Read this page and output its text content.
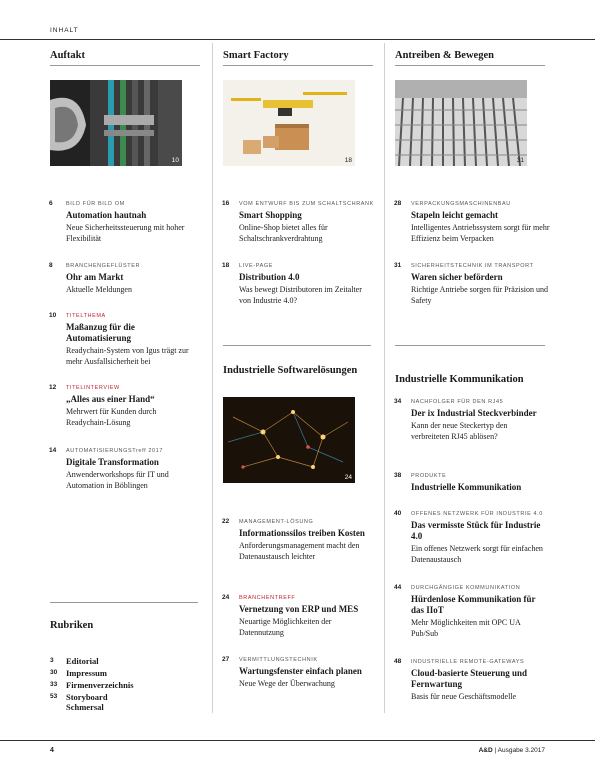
INHALT
Auftakt
10
Smart Factory
18
Antreiben & Bewegen
31
6	BILD FÜR BILD OM
Automation hautnah
Neue Sicherheitssteuerung mit hoher Flexibilität
8	BRANCHENGEFLÜSTER
Ohr am Markt
Aktuelle Meldungen
10	TITELTHEMA
Maßanzug für die Automatisierung
Readychain-System von Igus trägt zur mehr Ausfallsicherheit bei
12	TITELINTERVIEW
„Alles aus einer Hand“
Mehrwert für Kunden durch Readychain-Lösung
14	AUTOMATISIERUNGSTreff 2017
Digitale Transformation
Anwenderworkshops für IT und Automation in Böblingen
16	VOM ENTWURF BIS ZUM SCHALTSCHRANK
Smart Shopping
Online-Shop bietet alles für Schaltschrankverdrahtung
18	LIVE-PAGE
Distribution 4.0
Was bewegt Distributoren im Zeitalter von Industrie 4.0?
Industrielle Softwarelösungen
24
22	MANAGEMENT-LÖSUNG
Informationssilos treiben Kosten
Anforderungsmanagement macht den Datenaustausch leichter
24	BRANCHENTREFF
Vernetzung von ERP und MES
Neuartige Möglichkeiten der Datennutzung
27	VERMITTLUNGSTECHNIK
Wartungsfenster einfach planen
Neue Wege der Überwachung
28	VERPACKUNGSMASCHINENBAU
Stapeln leicht gemacht
Intelligentes Antriebssystem sorgt für mehr Effizienz beim Verpacken
31	SICHERHEITSTECHNIK IM TRANSPORT
Waren sicher befördern
Richtige Antriebe sorgen für Präzision und Safety
Industrielle Kommunikation
34	NACHFOLGER FÜR DEN RJ45
Der ix Industrial Steckverbinder
Kann der neue Steckertyp den verbreiteten RJ45 ablösen?
38	PRODUKTE
Industrielle Kommunikation
40	OFFENES NETZWERK FÜR INDUSTRIE 4.0
Das vermisste Stück für Industrie 4.0
Ein offenes Netzwerk sorgt für einfachen Datenaustausch
44	DURCHGÄNGIGE KOMMUNIKATION
Hürdenlose Kommunikation für das IIoT
Mehr Möglichkeiten mit OPC UA Pub/Sub
48	INDUSTRIELLE REMOTE-GATEWAYS
Cloud-basierte Steuerung und Fernwartung
Basis für neue Geschäftsmodelle
Rubriken
3 Editorial
30 Impressum
33 Firmenverzeichnis
53 Storyboard Schmersal
4	A&D | Ausgabe 3.2017
